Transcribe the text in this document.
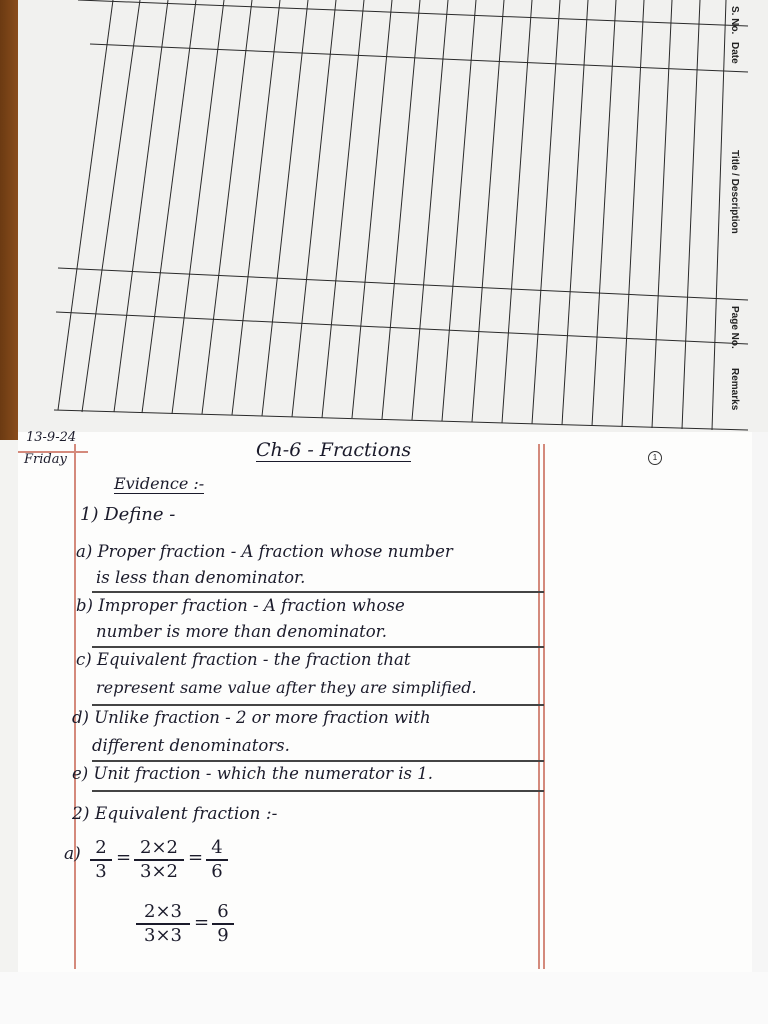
S. No.
Date
Title / Description
Page No.
Remarks
13-9-24
Friday	Ch-6 - Fractions	1
Evidence :-
1) Define -
a) Proper fraction - A fraction whose number
is less than denominator.
b) Improper fraction - A fraction whose
number is more than denominator.
c) Equivalent fraction - the fraction that
represent same value after they are simplified.
d) Unlike fraction - 2 or more fraction with
different denominators.
e) Unit fraction - which the numerator is 1.
2) Equivalent fraction :-
a) 2
3
= 2×2
3×2
= 4
6
2×3
3×3
=
6
9
